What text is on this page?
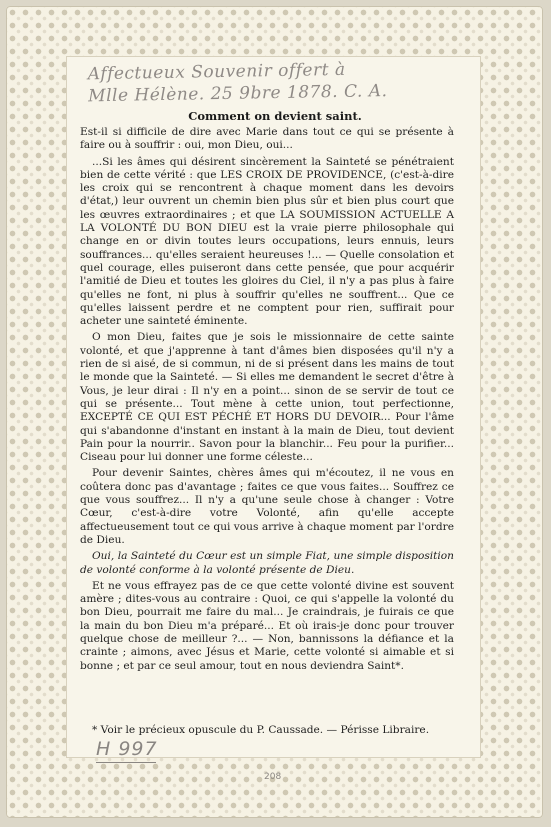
Affectueux Souvenir offert à
Mlle Hélène. 25 9bre 1878. C. A.
Comment on devient saint.

Est-il si difficile de dire avec Marie dans tout ce qui se présente à faire ou à souffrir : oui, mon Dieu, oui...

...Si les âmes qui désirent sincèrement la Sainteté se pénétraient bien de cette vérité : que LES CROIX DE PROVIDENCE, (c'est-à-dire les croix qui se rencontrent à chaque moment dans les devoirs d'état,) leur ouvrent un chemin bien plus sûr et bien plus court que les œuvres extraordinaires ; et que LA SOUMISSION ACTUELLE A LA VOLONTÉ DU BON DIEU est la vraie pierre philosophale qui change en or divin toutes leurs occupations, leurs ennuis, leurs souffrances... qu'elles seraient heureuses !... — Quelle consolation et quel courage, elles puiseront dans cette pensée, que pour acquérir l'amitié de Dieu et toutes les gloires du Ciel, il n'y a pas plus à faire qu'elles ne font, ni plus à souffrir qu'elles ne souffrent... Que ce qu'elles laissent perdre et ne comptent pour rien, suffirait pour acheter une sainteté éminente.

O mon Dieu, faites que je sois le missionnaire de cette sainte volonté, et que j'apprenne à tant d'âmes bien disposées qu'il n'y a rien de si aisé, de si commun, ni de si présent dans les mains de tout le monde que la Sainteté. — Si elles me demandent le secret d'être à Vous, je leur dirai : Il n'y en a point... sinon de se servir de tout ce qui se présente... Tout mène à cette union, tout perfectionne, EXCEPTÉ CE QUI EST PÉCHÉ ET HORS DU DEVOIR... Pour l'âme qui s'abandonne d'instant en instant à la main de Dieu, tout devient Pain pour la nourrir.. Savon pour la blanchir... Feu pour la purifier... Ciseau pour lui donner une forme céleste...

Pour devenir Saintes, chères âmes qui m'écoutez, il ne vous en coûtera donc pas d'avantage ; faites ce que vous faites... Souffrez ce que vous souffrez... Il n'y a qu'une seule chose à changer : Votre Cœur, c'est-à-dire votre Volonté, afin qu'elle accepte affectueusement tout ce qui vous arrive à chaque moment par l'ordre de Dieu.

Oui, la Sainteté du Cœur est un simple Fiat, une simple disposition de volonté conforme à la volonté présente de Dieu.

Et ne vous effrayez pas de ce que cette volonté divine est souvent amère ; dites-vous au contraire : Quoi, ce qui s'appelle la volonté du bon Dieu, pourrait me faire du mal... Je craindrais, je fuirais ce que la main du bon Dieu m'a préparé... Et où irais-je donc pour trouver quelque chose de meilleur ?... — Non, bannissons la défiance et la crainte ; aimons, avec Jésus et Marie, cette volonté si aimable et si bonne ; et par ce seul amour, tout en nous deviendra Saint*.

* Voir le précieux opuscule du P. Caussade. — Périsse Libraire.
H 997
208
